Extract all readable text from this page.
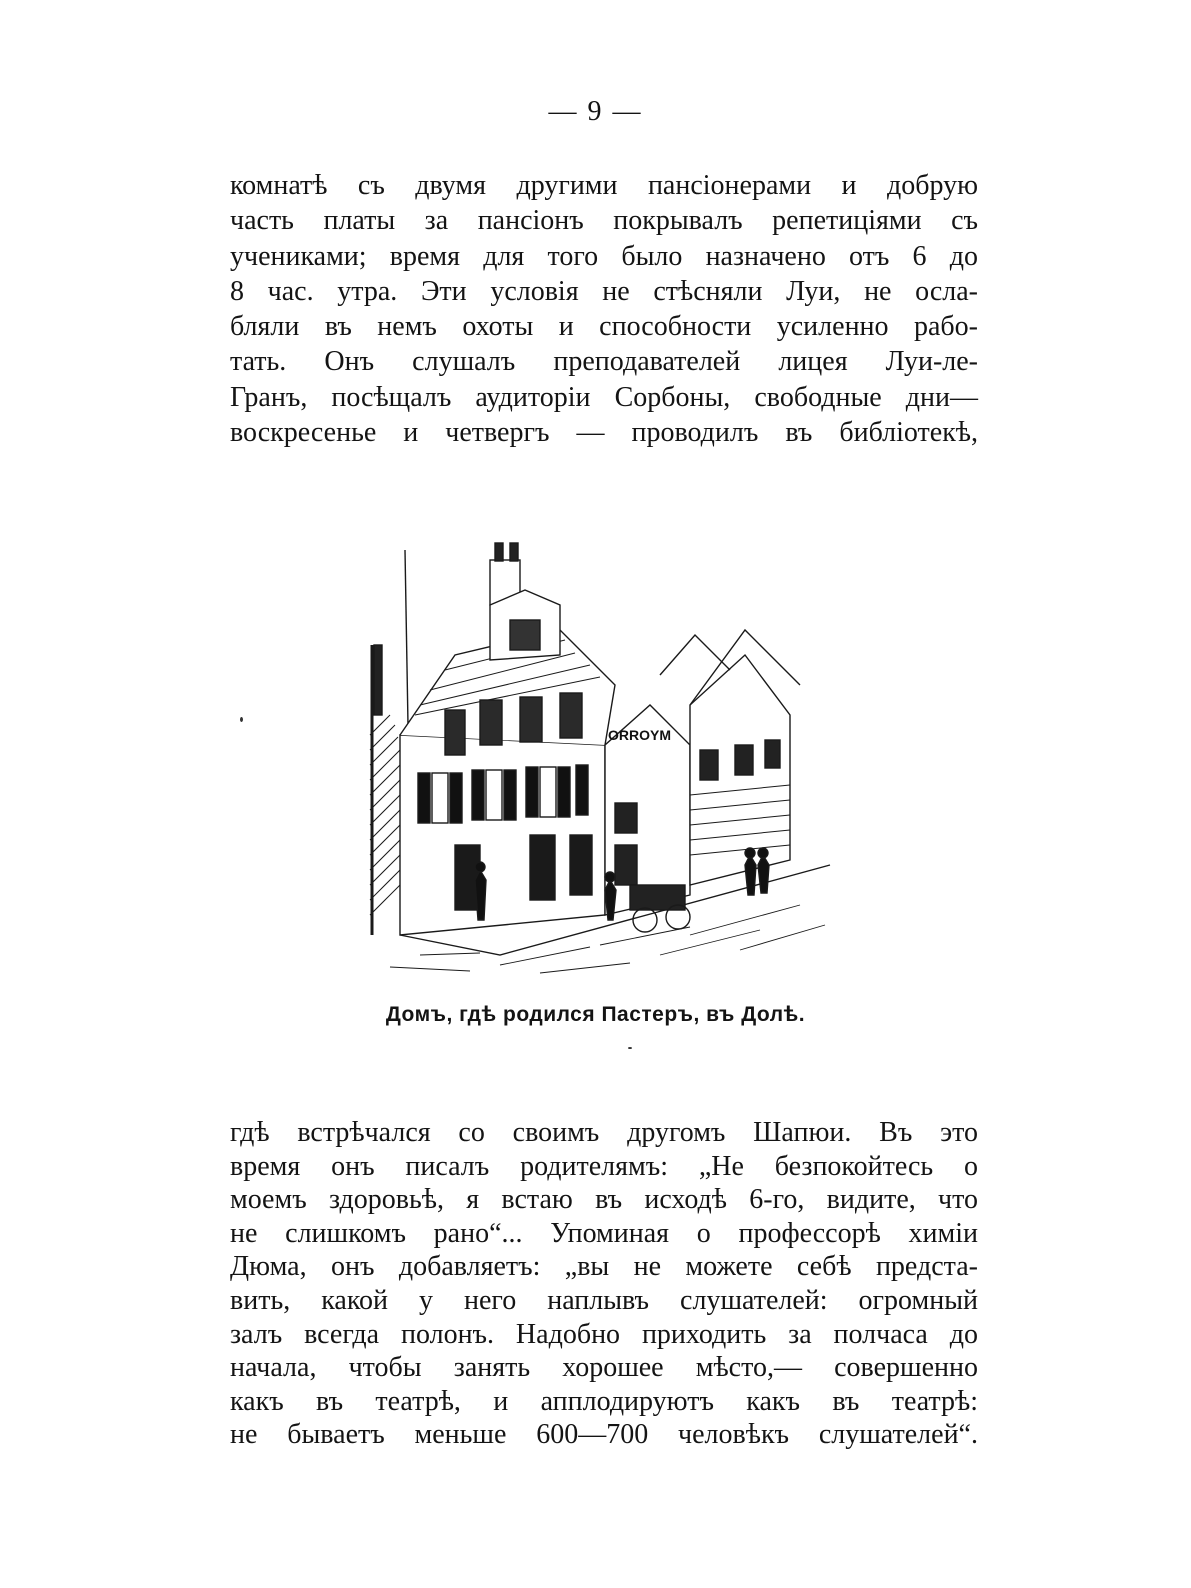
— 9 —
комнатѣ съ двумя другими пансіонерами и добрую
часть платы за пансіонъ покрывалъ репетиціями съ
учениками; время для того было назначено отъ 6 до
8 час. утра. Эти условія не стѣсняли Луи, не осла-
бляли въ немъ охоты и способности усиленно рабо-
тать. Онъ слушалъ преподавателей лицея Луи-ле-
Гранъ, посѣщалъ аудиторіи Сорбоны, свободные дни—
воскресенье и четвергъ — проводилъ въ библіотекѣ,
ORROYM
Домъ, гдѣ родился Пастеръ, въ Долѣ.
гдѣ встрѣчался со своимъ другомъ Шапюи. Въ это
время онъ писалъ родителямъ: „Не безпокойтесь о
моемъ здоровьѣ, я встаю въ исходѣ 6-го, видите, что
не слишкомъ рано“... Упоминая о профессорѣ химіи
Дюма, онъ добавляетъ: „вы не можете себѣ предста-
вить, какой у него наплывъ слушателей: огромный
залъ всегда полонъ. Надобно приходить за полчаса до
начала, чтобы занять хорошее мѣсто,— совершенно
какъ въ театрѣ, и апплодируютъ какъ въ театрѣ:
не бываетъ меньше 600—700 человѣкъ слушателей“.
